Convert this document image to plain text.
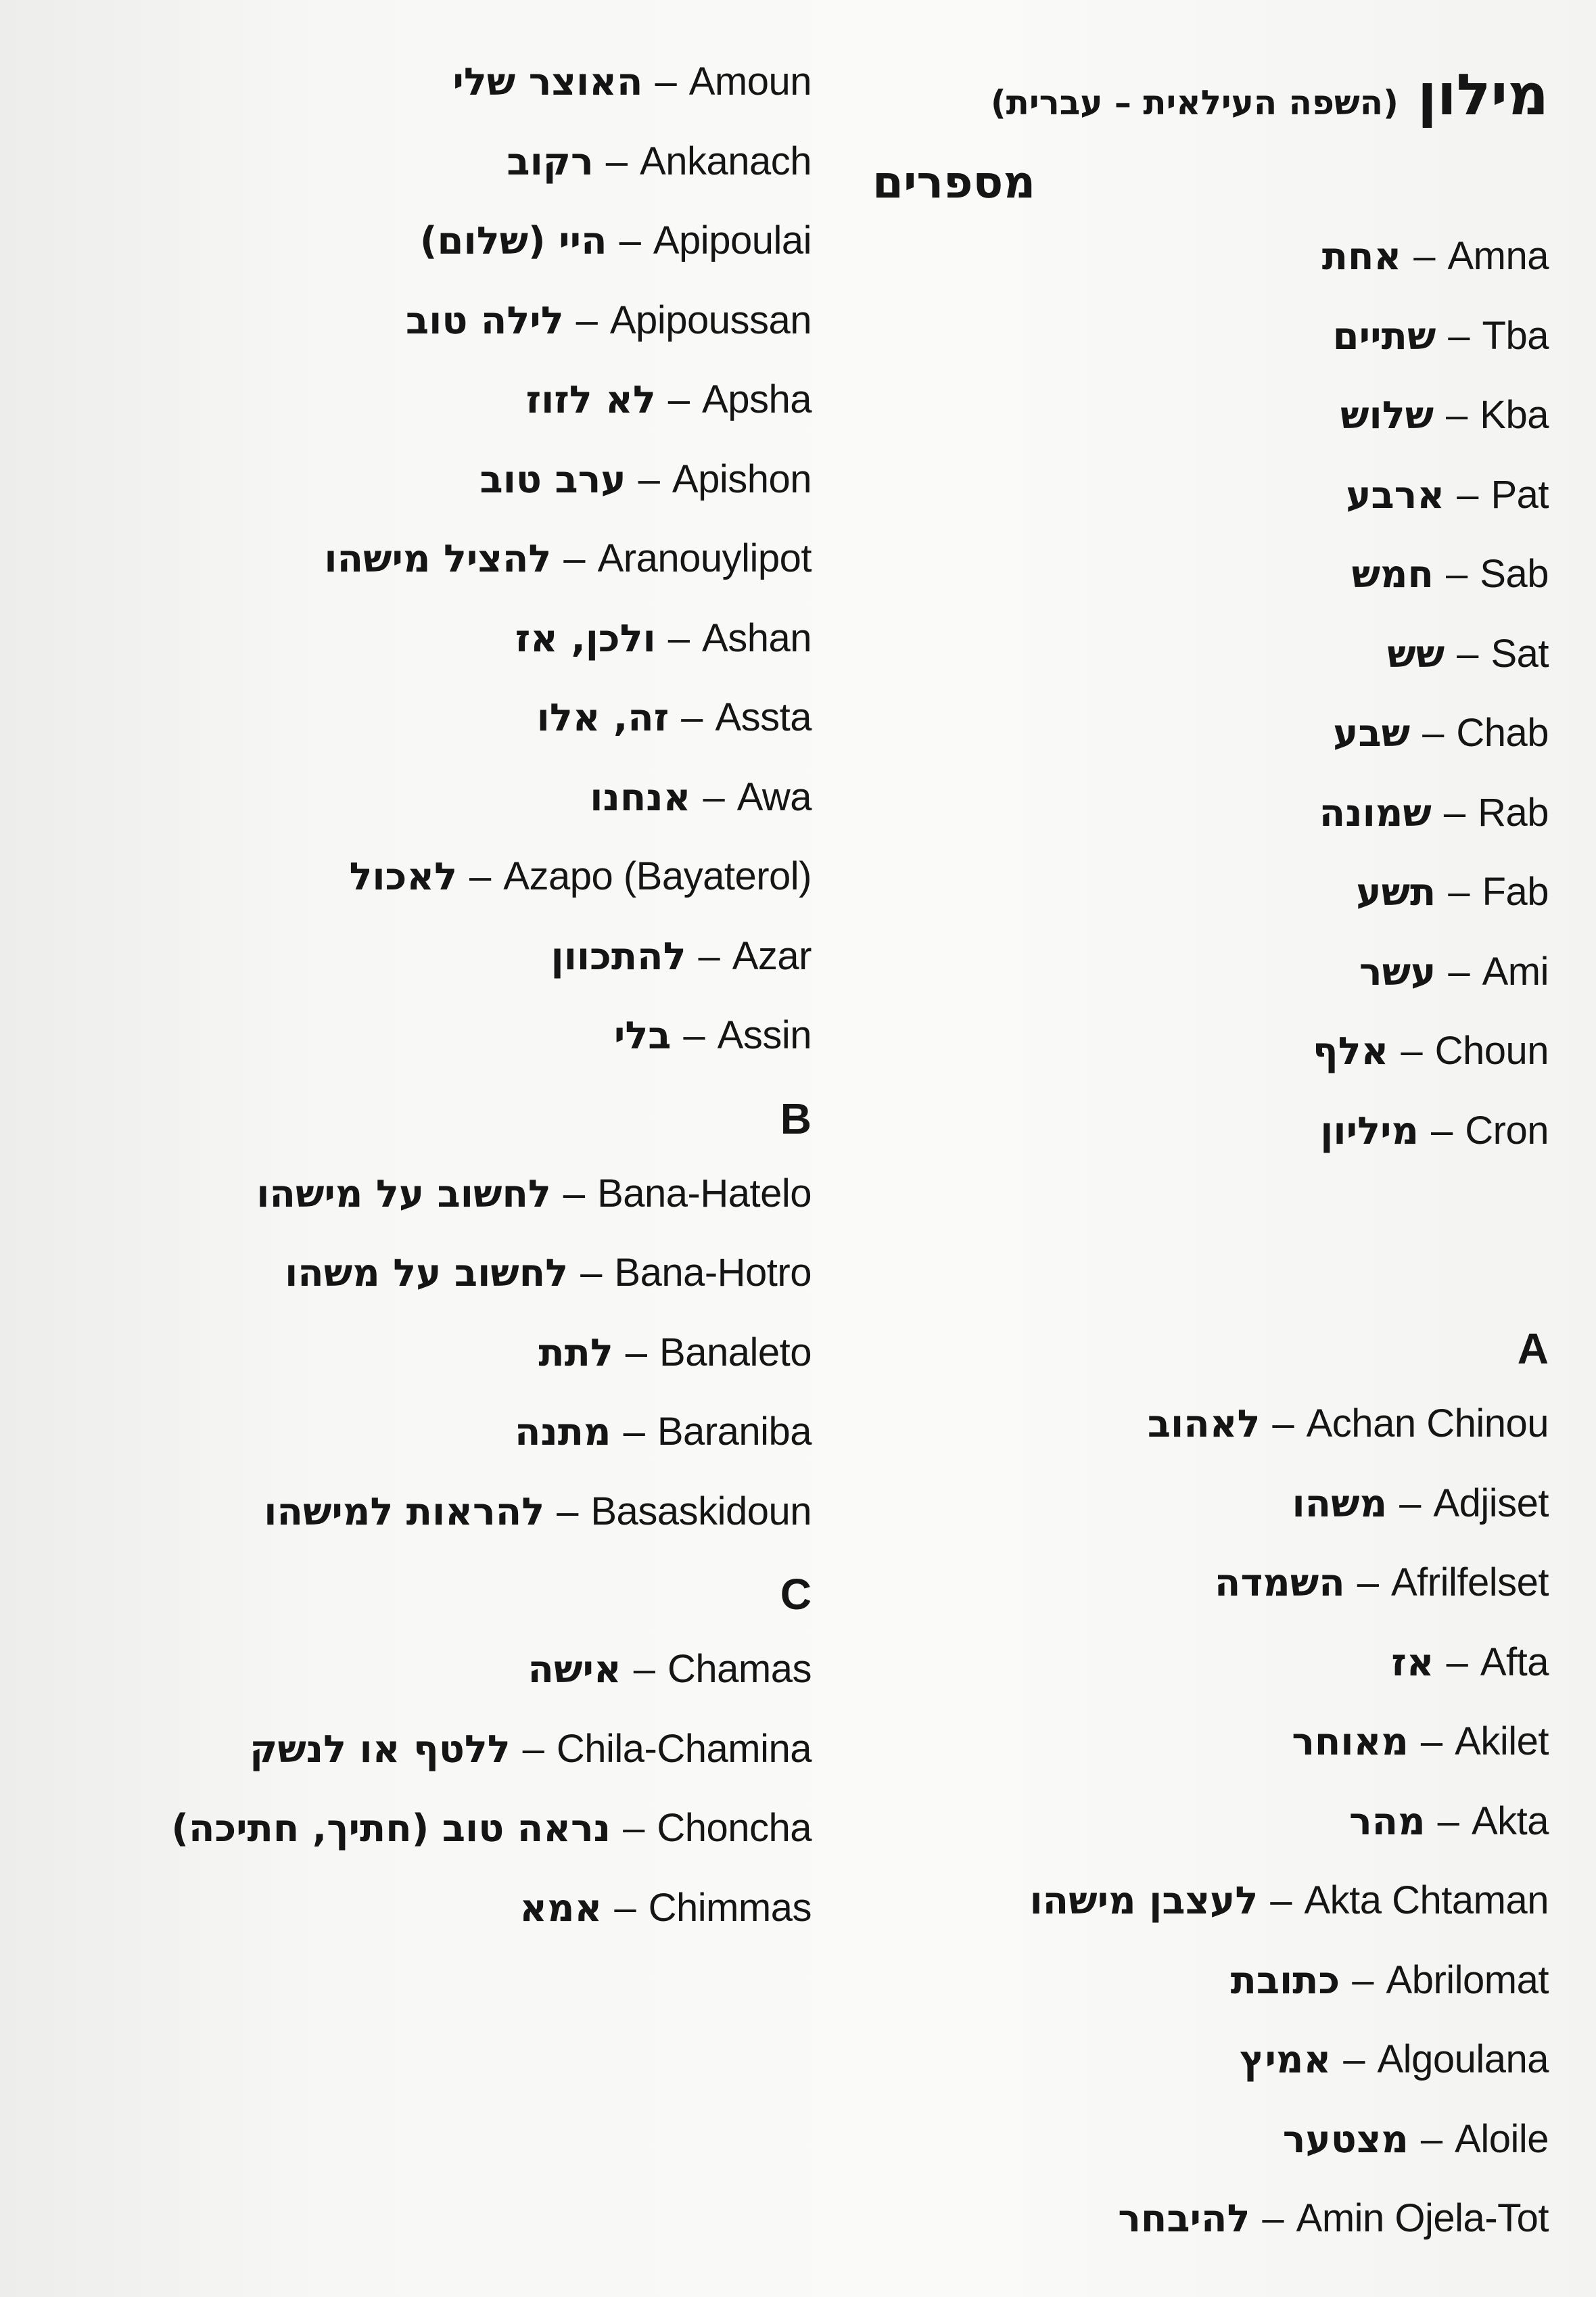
האוצר שלי – Amoun
רקוב – Ankanach
היי (שלום) – Apipoulai
לילה טוב – Apipoussan
לא לזוז – Apsha
ערב טוב – Apishon
להציל מישהו – Aranouylipot
ולכן, אז – Ashan
זה, אלו – Assta
אנחנו – Awa
לאכול – Azapo (Bayaterol)
להתכוון – Azar
בלי – Assin
B
לחשוב על מישהו – Bana-Hatelo
לחשוב על משהו – Bana-Hotro
לתת – Banaleto
מתנה – Baraniba
להראות למישהו – Basaskidoun
C
אישה – Chamas
ללטף או לנשק – Chila-Chamina
נראה טוב (חתיך, חתיכה) – Choncha
אמא – Chimmas
(השפה העילאית – עברית) מילון
מספרים
אחת – Amna
שתיים – Tba
שלוש – Kba
ארבע – Pat
חמש – Sab
שש – Sat
שבע – Chab
שמונה – Rab
תשע – Fab
עשר – Ami
אלף – Choun
מיליון – Cron
A
לאהוב – Achan Chinou
משהו – Adjiset
השמדה – Afrilfelset
אז – Afta
מאוחר – Akilet
מהר – Akta
לעצבן מישהו – Akta Chtaman
כתובת – Abrilomat
אמיץ – Algoulana
מצטער – Aloile
להיבחר – Amin Ojela-Tot
